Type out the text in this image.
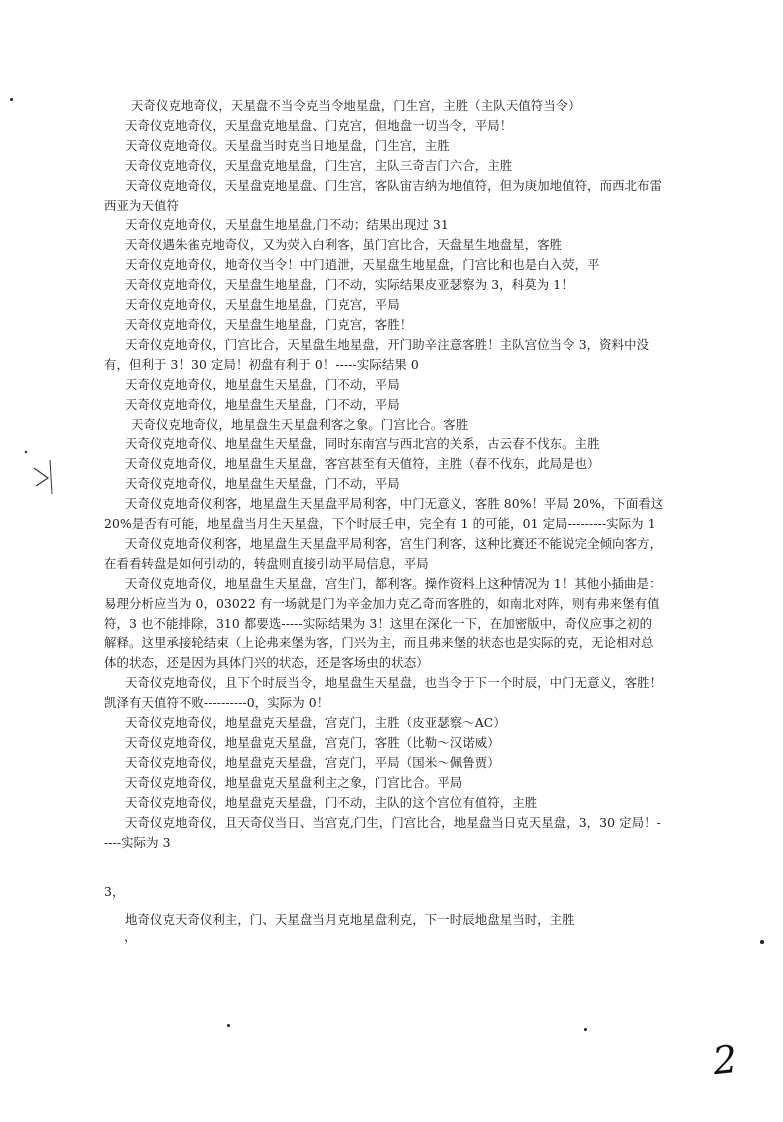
天奇仪克地奇仪，天星盘不当令克当令地星盘，门生宫，主胜（主队天值符当令）

天奇仪克地奇仪，天星盘克地星盘、门克宫，但地盘一切当令，平局！

天奇仪克地奇仪。天星盘当时克当日地星盘，门生宫，主胜

天奇仪克地奇仪，天星盘克地星盘，门生宫，主队三奇吉门六合，主胜

天奇仪克地奇仪，天星盘克地星盘、门生宫，客队宙吉纳为地值符，但为庚加地值符，而西北布雷西亚为天值符

天奇仪克地奇仪，天星盘生地星盘,门不动；结果出现过 31

天奇仪遇朱雀克地奇仪，又为荧入白利客，虽门宫比合，天盘星生地盘星，客胜

天奇仪克地奇仪，地奇仪当令！中门逍泄，天星盘生地星盘，门宫比和也是白入荧，平

天奇仪克地奇仪，天星盘生地星盘，门不动，实际结果皮亚瑟察为 3，科莫为 1！

天奇仪克地奇仪，天星盘生地星盘，门克宫，平局

天奇仪克地奇仪，天星盘生地星盘，门克宫，客胜！

天奇仪克地奇仪，门宫比合，天星盘生地星盘，开门助辛注意客胜！主队宫位当令 3，资料中没有，但利于 3！30 定局！初盘有利于 0！-----实际结果 0

天奇仪克地奇仪，地星盘生天星盘，门不动，平局

天奇仪克地奇仪，地星盘生天星盘，门不动，平局

天奇仪克地奇仪，地星盘生天星盘利客之象。门宫比合。客胜

天奇仪克地奇仪、地星盘生天星盘，同时东南宫与西北宫的关系，古云春不伐东。主胜

天奇仪克地奇仪，地星盘生天星盘，客宫甚至有天值符，主胜（春不伐东，此局是也）

天奇仪克地奇仪，地星盘生天星盘，门不动，平局

天奇仪克地奇仪利客，地星盘生天星盘平局利客，中门无意义，客胜 80%！平局 20%，下面看这 20%是否有可能，地星盘当月生天星盘，下个时辰壬申，完全有 1 的可能，01 定局---------实际为 1

天奇仪克地奇仪利客，地星盘生天星盘平局利客，宫生门利客，这种比赛还不能说完全倾向客方，在看看转盘是如何引动的，转盘则直接引动平局信息，平局

天奇仪克地奇仪，地星盘生天星盘，宫生门，都利客。操作资料上这种情况为 1！其他小插曲是：易理分析应当为 0，03022 有一场就是门为辛金加力克乙奇而客胜的，如南北对阵，则有弗来堡有值符，3 也不能排除，310 都要选-----实际结果为 3！这里在深化一下，在加密版中，奇仪应事之初的解释。这里承接轮结束（上论弗来堡为客，门兴为主，而且弗来堡的状态也是实际的克，无论相对总体的状态，还是因为具体门兴的状态，还是客场虫的状态）

天奇仪克地奇仪，且下个时辰当令，地星盘生天星盘，也当令于下一个时辰，中门无意义，客胜！凯泽有天值符不败----------0，实际为 0！

天奇仪克地奇仪，地星盘克天星盘，宫克门，主胜（皮亚瑟察～AC）

天奇仪克地奇仪，地星盘克天星盘，宫克门，客胜（比勒～汉诺威）

天奇仪克地奇仪，地星盘克天星盘，宫克门，平局（国米～佩鲁贾）

天奇仪克地奇仪，地星盘克天星盘利主之象，门宫比合。平局

天奇仪克地奇仪，地星盘克天星盘，门不动，主队的这个宫位有值符，主胜

天奇仪克地奇仪，且天奇仪当日、当宫克,门生，门宫比合，地星盘当日克天星盘，3，30 定局！-----实际为 3

3，

地奇仪克天奇仪利主，门、天星盘当月克地星盘利克，下一时辰地盘星当时，主胜

，
2
